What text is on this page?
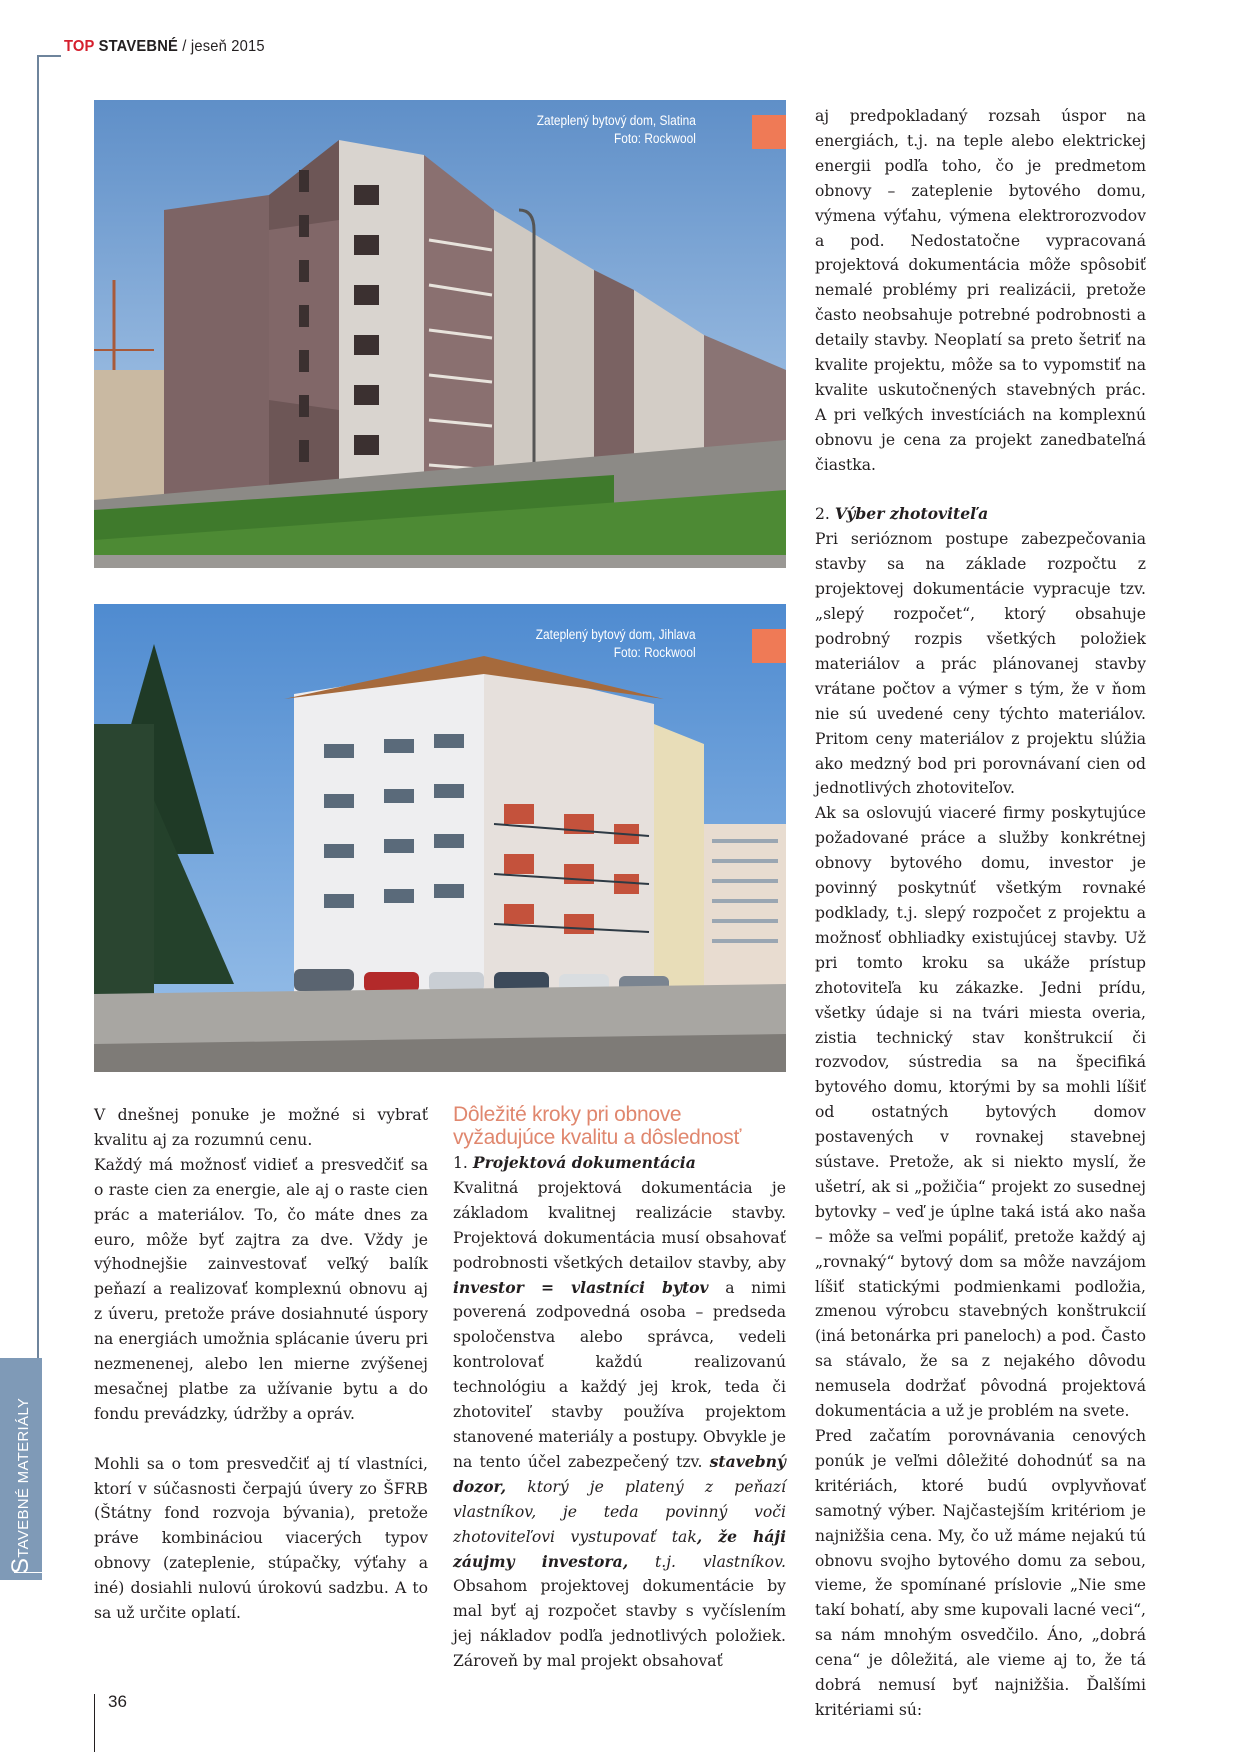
TOP STAVEBNÉ / jeseň 2015
STAVEBNÉ MATERIÁLY
Zateplený bytový dom, Slatina
Foto: Rockwool
Zateplený bytový dom, Jihlava
Foto: Rockwool

V dnešnej ponuke je možné si vybrať kvalitu aj za rozumnú cenu.

Každý má možnosť vidieť a presvedčiť sa o raste cien za energie, ale aj o raste cien prác a materiálov. To, čo máte dnes za euro, môže byť zajtra za dve. Vždy je výhodnejšie zainvestovať veľký balík peňazí a realizovať komplexnú obnovu aj z úveru, pretože práve dosiahnuté úspory na energiách umožnia splácanie úveru pri nezmenenej, alebo len mierne zvýšenej mesačnej platbe za užívanie bytu a do fondu prevádzky, údržby a opráv.

Mohli sa o tom presvedčiť aj tí vlastníci, ktorí v súčasnosti čerpajú úvery zo ŠFRB (Štátny fond rozvoja bývania), pretože práve kombináciou viacerých typov obnovy (zateplenie, stúpačky, výťahy a iné) dosiahli nulovú úrokovú sadzbu. A to sa už určite oplatí.

Dôležité kroky pri obnove vyžadujúce kvalitu a dôslednosť

1. Projektová dokumentácia

Kvalitná projektová dokumentácia je základom kvalitnej realizácie stavby. Projektová dokumentácia musí obsahovať podrobnosti všetkých detailov stavby, aby investor = vlastníci bytov a nimi poverená zodpovedná osoba – predseda spoločenstva alebo správca, vedeli kontrolovať každú realizovanú technológiu a každý jej krok, teda či zhotoviteľ stavby používa projektom stanovené materiály a postupy. Obvykle je na tento účel zabezpečený tzv. stavebný dozor, ktorý je platený z peňazí vlastníkov, je teda povinný voči zhotoviteľovi vystupovať tak, že háji záujmy investora, t.j. vlastníkov. Obsahom projektovej dokumentácie by mal byť aj rozpočet stavby s vyčíslením jej nákladov podľa jednotlivých položiek. Zároveň by mal projekt obsahovať

aj predpokladaný rozsah úspor na energiách, t.j. na teple alebo elektrickej energii podľa toho, čo je predmetom obnovy – zateplenie bytového domu, výmena výťahu, výmena elektrorozvodov a pod. Nedostatočne vypracovaná projektová dokumentácia môže spôsobiť nemalé problémy pri realizácii, pretože často neobsahuje potrebné podrobnosti a detaily stavby. Neoplatí sa preto šetriť na kvalite projektu, môže sa to vypomstiť na kvalite uskutočnených stavebných prác. A pri veľkých investíciách na komplexnú obnovu je cena za projekt zanedbateľná čiastka.

2. Výber zhotoviteľa

Pri serióznom postupe zabezpečovania stavby sa na základe rozpočtu z projektovej dokumentácie vypracuje tzv. „slepý rozpočet“, ktorý obsahuje podrobný rozpis všetkých položiek materiálov a prác plánovanej stavby vrátane počtov a výmer s tým, že v ňom nie sú uvedené ceny týchto materiálov. Pritom ceny materiálov z projektu slúžia ako medzný bod pri porovnávaní cien od jednotlivých zhotoviteľov.

Ak sa oslovujú viaceré firmy poskytujúce požadované práce a služby konkrétnej obnovy bytového domu, investor je povinný poskytnúť všetkým rovnaké podklady, t.j. slepý rozpočet z projektu a možnosť obhliadky existujúcej stavby. Už pri tomto kroku sa ukáže prístup zhotoviteľa ku zákazke. Jedni prídu, všetky údaje si na tvári miesta overia, zistia technický stav konštrukcií či rozvodov, sústredia sa na špecifiká bytového domu, ktorými by sa mohli líšiť od ostatných bytových domov postavených v rovnakej stavebnej sústave. Pretože, ak si niekto myslí, že ušetrí, ak si „požičia“ projekt zo susednej bytovky – veď je úplne taká istá ako naša – môže sa veľmi popáliť, pretože každý aj „rovnaký“ bytový dom sa môže navzájom líšiť statickými podmienkami podložia, zmenou výrobcu stavebných konštrukcií (iná betonárka pri paneloch) a pod. Často sa stávalo, že sa z nejakého dôvodu nemusela dodržať pôvodná projektová dokumentácia a už je problém na svete.

Pred začatím porovnávania cenových ponúk je veľmi dôležité dohodnúť sa na kritériách, ktoré budú ovplyvňovať samotný výber. Najčastejším kritériom je najnižšia cena. My, čo už máme nejakú tú obnovu svojho bytového domu za sebou, vieme, že spomínané príslovie „Nie sme takí bohatí, aby sme kupovali lacné veci“, sa nám mnohým osvedčilo. Áno, „dobrá cena“ je dôležitá, ale vieme aj to, že tá dobrá nemusí byť najnižšia. Ďalšími kritériami sú:

36
